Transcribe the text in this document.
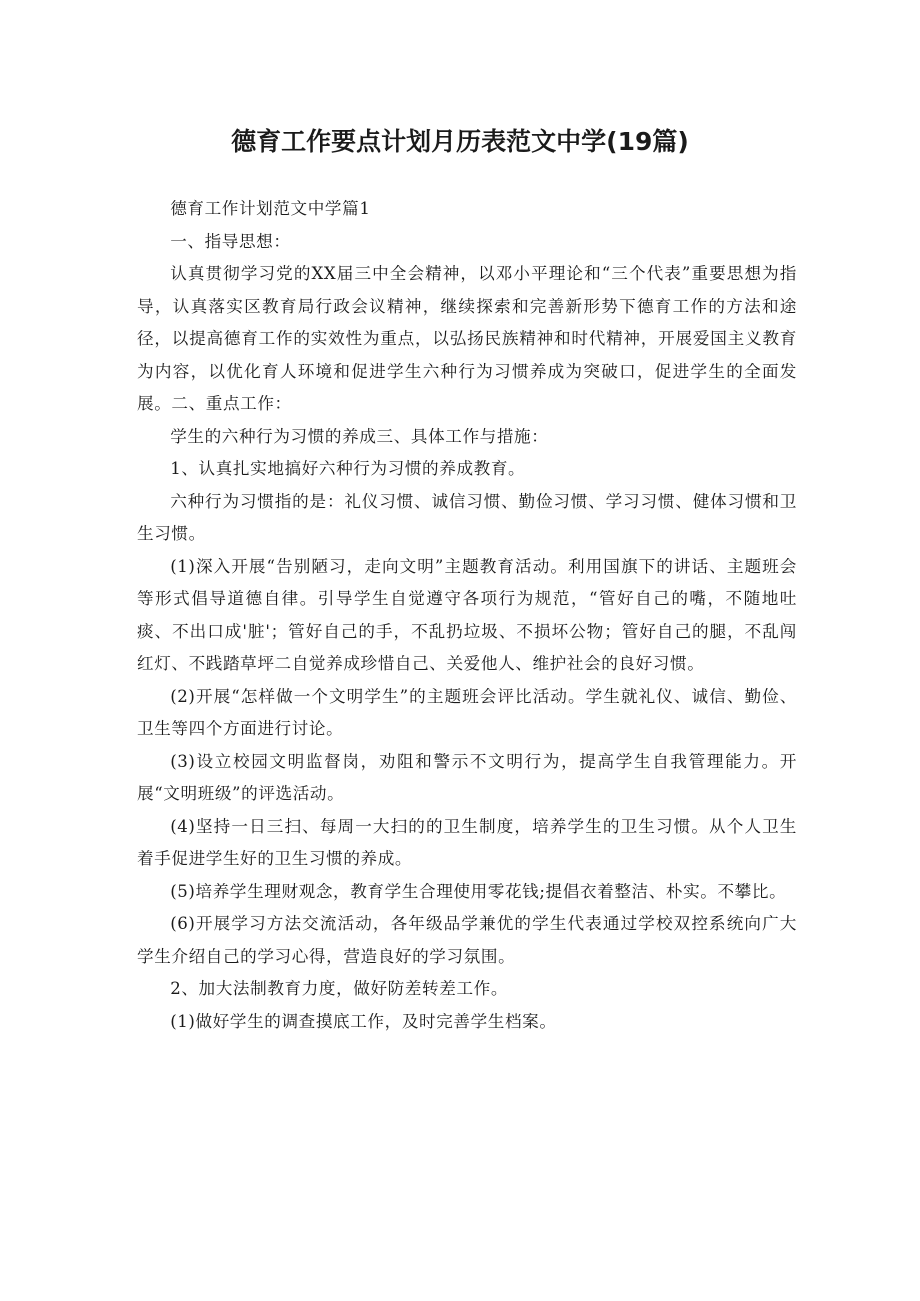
德育工作要点计划月历表范文中学(19篇)

德育工作计划范文中学篇1

一、指导思想：

认真贯彻学习党的XX届三中全会精神，以邓小平理论和“三个代表”重要思想为指导，认真落实区教育局行政会议精神，继续探索和完善新形势下德育工作的方法和途径，以提高德育工作的实效性为重点，以弘扬民族精神和时代精神，开展爱国主义教育为内容，以优化育人环境和促进学生六种行为习惯养成为突破口，促进学生的全面发展。二、重点工作：

学生的六种行为习惯的养成三、具体工作与措施：

1、认真扎实地搞好六种行为习惯的养成教育。

六种行为习惯指的是：礼仪习惯、诚信习惯、勤俭习惯、学习习惯、健体习惯和卫生习惯。

(1)深入开展“告别陋习，走向文明”主题教育活动。利用国旗下的讲话、主题班会等形式倡导道德自律。引导学生自觉遵守各项行为规范，“管好自己的嘴，不随地吐痰、不出口成'脏'；管好自己的手，不乱扔垃圾、不损坏公物；管好自己的腿，不乱闯红灯、不践踏草坪二自觉养成珍惜自己、关爱他人、维护社会的良好习惯。

(2)开展“怎样做一个文明学生”的主题班会评比活动。学生就礼仪、诚信、勤俭、卫生等四个方面进行讨论。

(3)设立校园文明监督岗，劝阻和警示不文明行为，提高学生自我管理能力。开展“文明班级”的评选活动。

(4)坚持一日三扫、每周一大扫的的卫生制度，培养学生的卫生习惯。从个人卫生着手促进学生好的卫生习惯的养成。

(5)培养学生理财观念，教育学生合理使用零花钱;提倡衣着整洁、朴实。不攀比。

(6)开展学习方法交流活动，各年级品学兼优的学生代表通过学校双控系统向广大学生介绍自己的学习心得，营造良好的学习氛围。

2、加大法制教育力度，做好防差转差工作。

(1)做好学生的调查摸底工作，及时完善学生档案。
